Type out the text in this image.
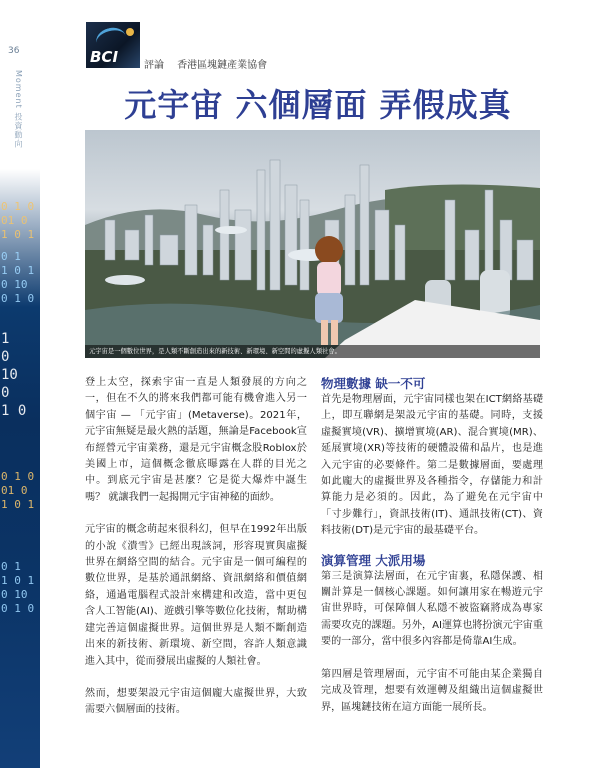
36
Moment 投資動向
0 1 0
01 0
1 0 1
0 1
1 0 1
0 10
0 1 0
1
0
10
0
1 0
0 1 0
01 0
1 0 1
0 1
1 0 1
0 10
0 1 0
BCI	評論 香港區塊鏈產業協會
元宇宙 六個層面 弄假成真
元宇宙是一個數位世界，是人類不斷創造出來的新技術、新環境、新空間的虛擬人類社會。

登上太空，探索宇宙一直是人類發展的方向之一，但在不久的將來我們都可能有機會進入另一個宇宙 — 「元宇宙」(Metaverse)。2021年，元宇宙無疑是最火熱的話題，無論是Facebook宣布經營元宇宙業務，還是元宇宙概念股Roblox於美國上市，這個概念徹底曝露在人群的目光之中。到底元宇宙是甚麼？它是從大爆炸中誕生嗎？ 就讓我們一起揭開元宇宙神秘的面紗。

元宇宙的概念萌起來很科幻，但早在1992年出版的小說《潰雪》已經出現該詞，形容現實與虛擬世界在網絡空間的結合。元宇宙是一個可編程的數位世界，是基於通訊網絡、資訊網絡和價值網絡，通過電腦程式設計來構建和改造，當中更包含人工智能(AI)、遊戲引擎等數位化技術，幫助構建完善這個虛擬世界。這個世界是人類不斷創造出來的新技術、新環境、新空間，容許人類意識進入其中，從而發展出虛擬的人類社會。

然而，想要架設元宇宙這個龐大虛擬世界，大致需要六個層面的技術。

物理數據 缺一不可

首先是物理層面，元宇宙同樣也架在ICT網絡基礎上，即互聯網是架設元宇宙的基礎。同時，支援虛擬實境(VR)、擴增實境(AR)、混合實境(MR)、延展實境(XR)等技術的硬體設備和晶片，也是進入元宇宙的必要條件。第二是數據層面，要處理如此龐大的虛擬世界及各種指令，存儲能力和計算能力是必須的。因此，為了避免在元宇宙中「寸步難行」，資訊技術(IT)、通訊技術(CT)、資料技術(DT)是元宇宙的最基礎平台。

演算管理 大派用場

第三是演算法層面，在元宇宙裏，私隱保護、相關計算是一個核心課題。如何讓用家在暢遊元宇宙世界時，可保障個人私隱不被盜竊將成為專家需要攻克的課題。另外，AI運算也將扮演元宇宙重要的一部分，當中很多內容都是倚靠AI生成。

第四層是管理層面，元宇宙不可能由某企業獨自完成及管理，想要有效運轉及組織出這個虛擬世界，區塊鏈技術在這方面能一展所長。
